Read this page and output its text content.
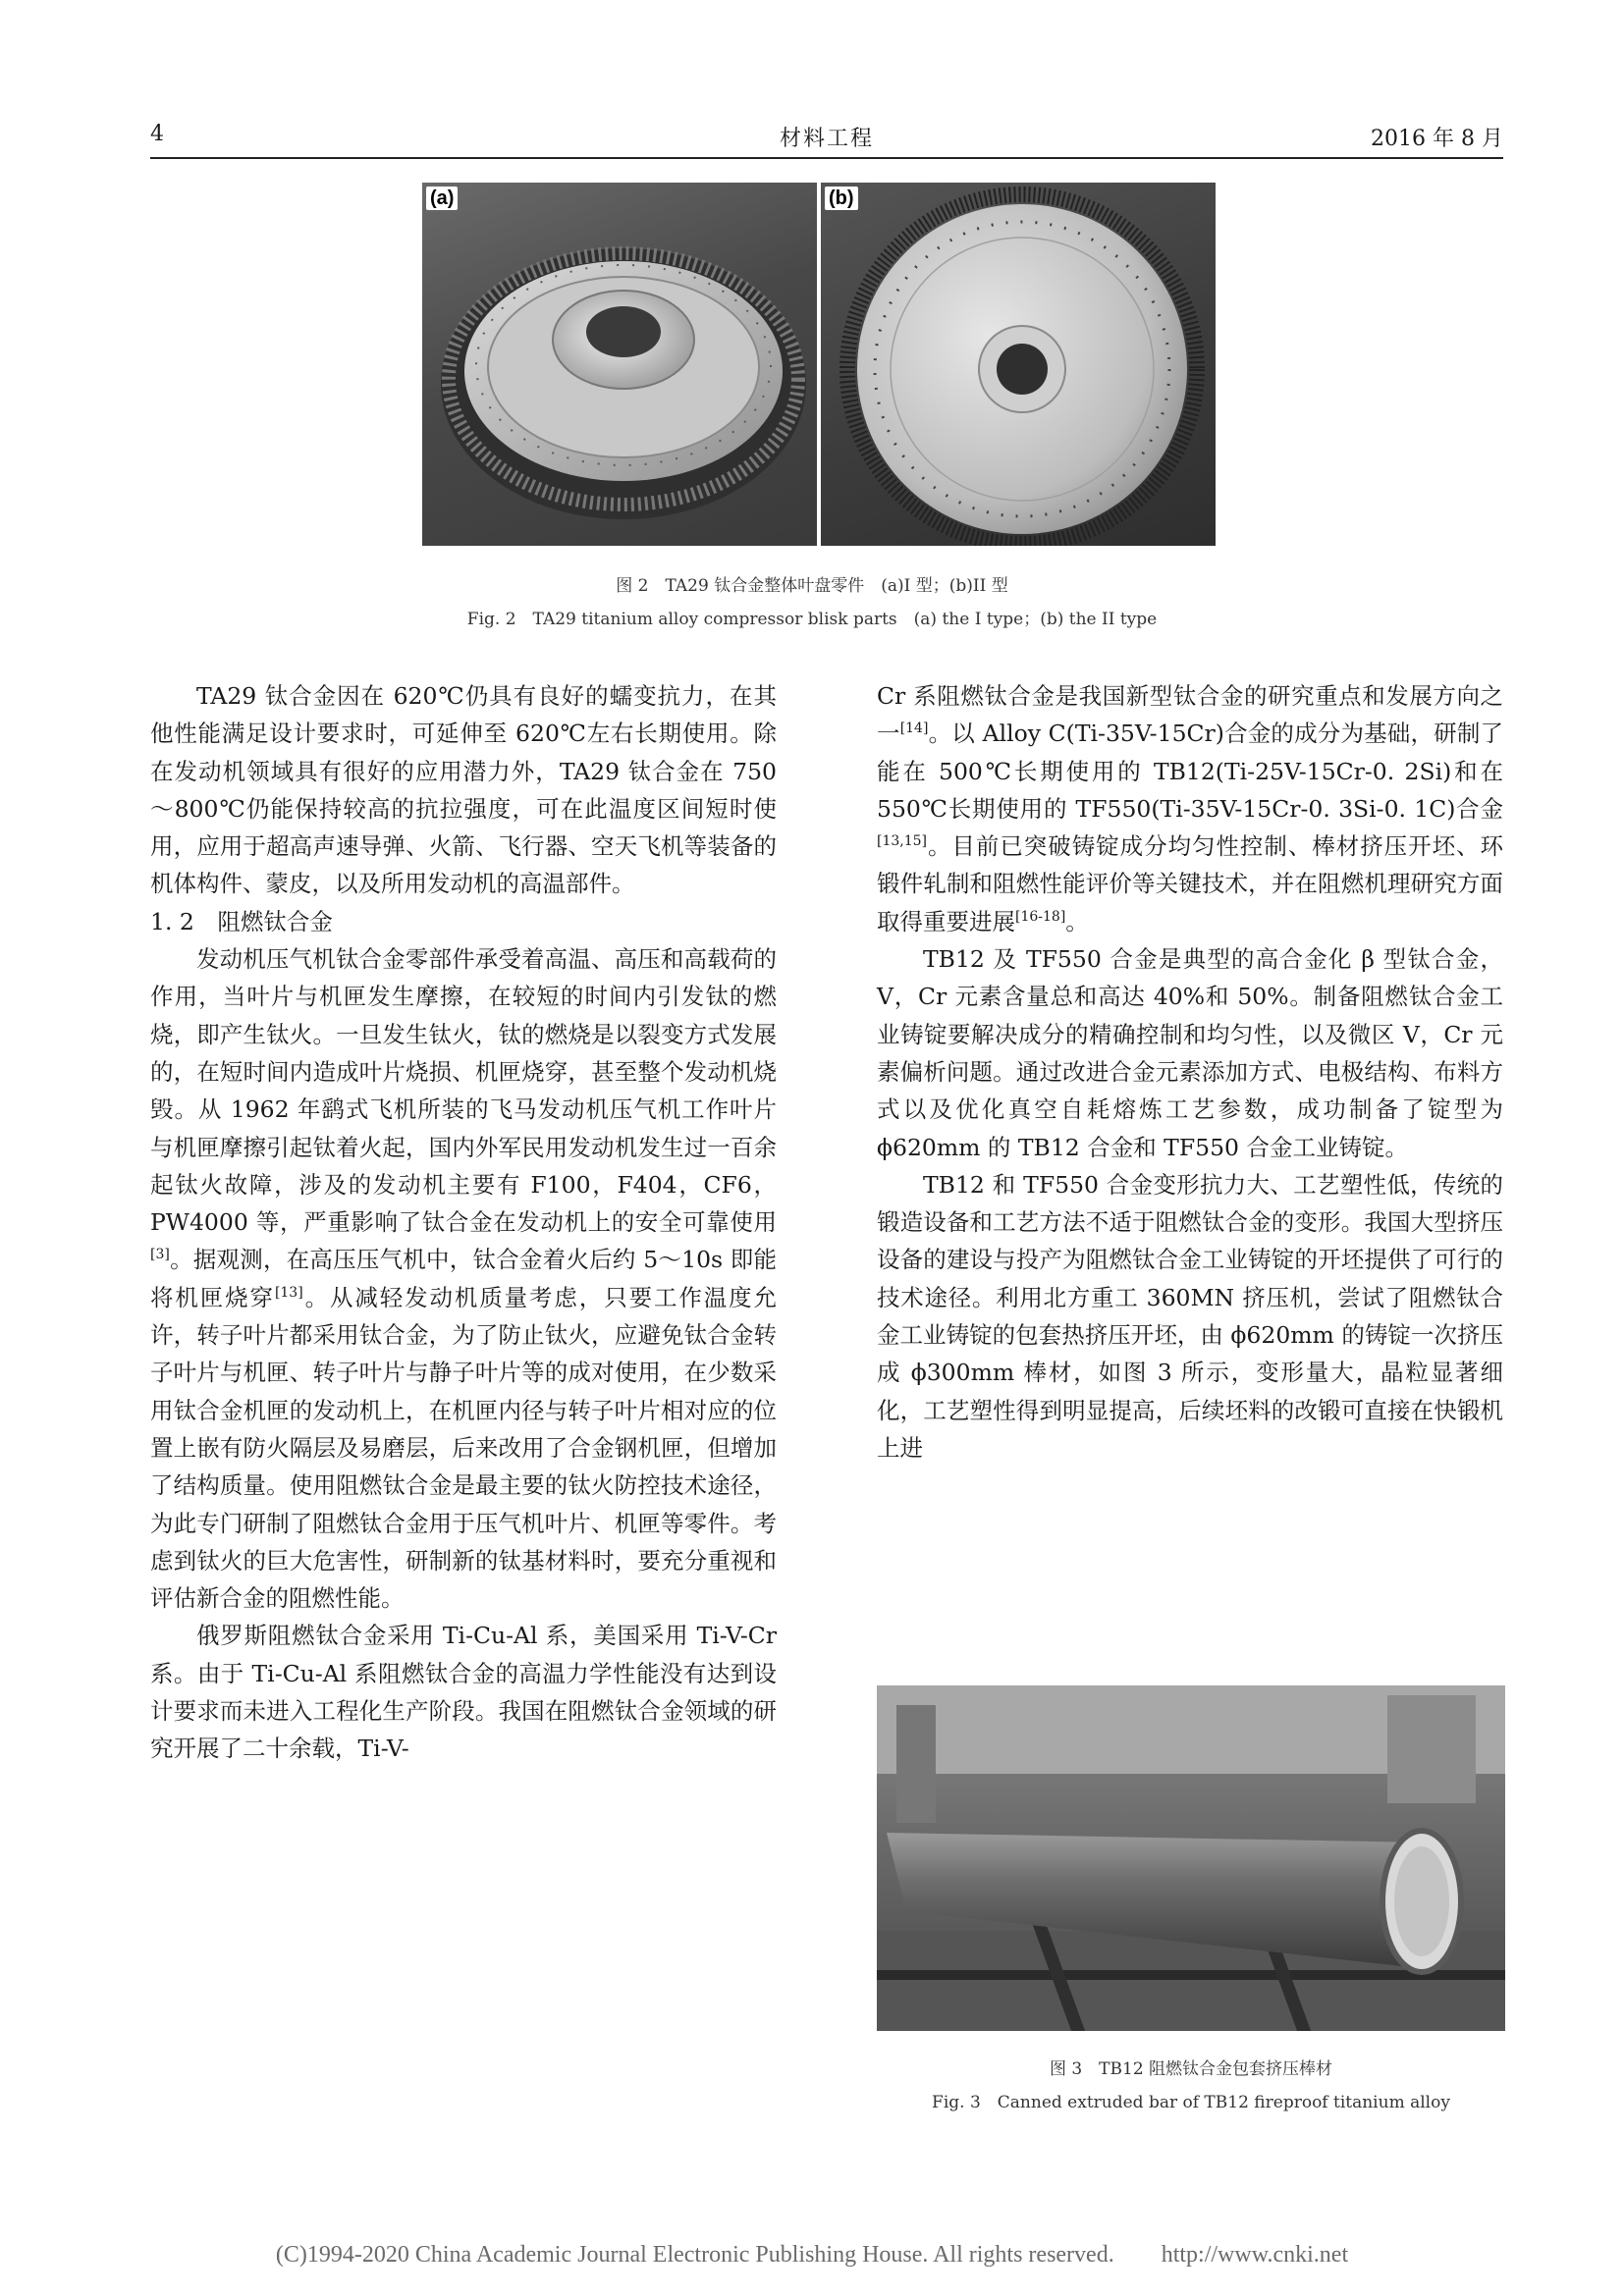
4	材料工程	2016 年 8 月
(a)	(b)
图 2　TA29 钛合金整体叶盘零件　(a)I 型；(b)II 型
Fig. 2　TA29 titanium alloy compressor blisk parts　(a) the I type；(b) the II type

TA29 钛合金因在 620℃仍具有良好的蠕变抗力，在其他性能满足设计要求时，可延伸至 620℃左右长期使用。除在发动机领域具有很好的应用潜力外，TA29 钛合金在 750～800℃仍能保持较高的抗拉强度，可在此温度区间短时使用，应用于超高声速导弹、火箭、飞行器、空天飞机等装备的机体构件、蒙皮，以及所用发动机的高温部件。

1. 2　阻燃钛合金

发动机压气机钛合金零部件承受着高温、高压和高载荷的作用，当叶片与机匣发生摩擦，在较短的时间内引发钛的燃烧，即产生钛火。一旦发生钛火，钛的燃烧是以裂变方式发展的，在短时间内造成叶片烧损、机匣烧穿，甚至整个发动机烧毁。从 1962 年鹞式飞机所装的飞马发动机压气机工作叶片与机匣摩擦引起钛着火起，国内外军民用发动机发生过一百余起钛火故障，涉及的发动机主要有 F100，F404，CF6，PW4000 等，严重影响了钛合金在发动机上的安全可靠使用[3]。据观测，在高压压气机中，钛合金着火后约 5～10s 即能将机匣烧穿[13]。从减轻发动机质量考虑，只要工作温度允许，转子叶片都采用钛合金，为了防止钛火，应避免钛合金转子叶片与机匣、转子叶片与静子叶片等的成对使用，在少数采用钛合金机匣的发动机上，在机匣内径与转子叶片相对应的位置上嵌有防火隔层及易磨层，后来改用了合金钢机匣，但增加了结构质量。使用阻燃钛合金是最主要的钛火防控技术途径，为此专门研制了阻燃钛合金用于压气机叶片、机匣等零件。考虑到钛火的巨大危害性，研制新的钛基材料时，要充分重视和评估新合金的阻燃性能。

俄罗斯阻燃钛合金采用 Ti-Cu-Al 系，美国采用 Ti-V-Cr 系。由于 Ti-Cu-Al 系阻燃钛合金的高温力学性能没有达到设计要求而未进入工程化生产阶段。我国在阻燃钛合金领域的研究开展了二十余载，Ti-V-

Cr 系阻燃钛合金是我国新型钛合金的研究重点和发展方向之一[14]。以 Alloy C(Ti-35V-15Cr)合金的成分为基础，研制了能在 500℃长期使用的 TB12(Ti-25V-15Cr-0. 2Si)和在 550℃长期使用的 TF550(Ti-35V-15Cr-0. 3Si-0. 1C)合金[13,15]。目前已突破铸锭成分均匀性控制、棒材挤压开坯、环锻件轧制和阻燃性能评价等关键技术，并在阻燃机理研究方面取得重要进展[16-18]。

TB12 及 TF550 合金是典型的高合金化 β 型钛合金，V，Cr 元素含量总和高达 40%和 50%。制备阻燃钛合金工业铸锭要解决成分的精确控制和均匀性，以及微区 V，Cr 元素偏析问题。通过改进合金元素添加方式、电极结构、布料方式以及优化真空自耗熔炼工艺参数，成功制备了锭型为 ϕ620mm 的 TB12 合金和 TF550 合金工业铸锭。

TB12 和 TF550 合金变形抗力大、工艺塑性低，传统的锻造设备和工艺方法不适于阻燃钛合金的变形。我国大型挤压设备的建设与投产为阻燃钛合金工业铸锭的开坯提供了可行的技术途径。利用北方重工 360MN 挤压机，尝试了阻燃钛合金工业铸锭的包套热挤压开坯，由 ϕ620mm 的铸锭一次挤压成 ϕ300mm 棒材，如图 3 所示，变形量大，晶粒显著细化，工艺塑性得到明显提高，后续坯料的改锻可直接在快锻机上进

图 3　TB12 阻燃钛合金包套挤压棒材
Fig. 3　Canned extruded bar of TB12 fireproof titanium alloy
(C)1994-2020 China Academic Journal Electronic Publishing House. All rights reserved.　　http://www.cnki.net
